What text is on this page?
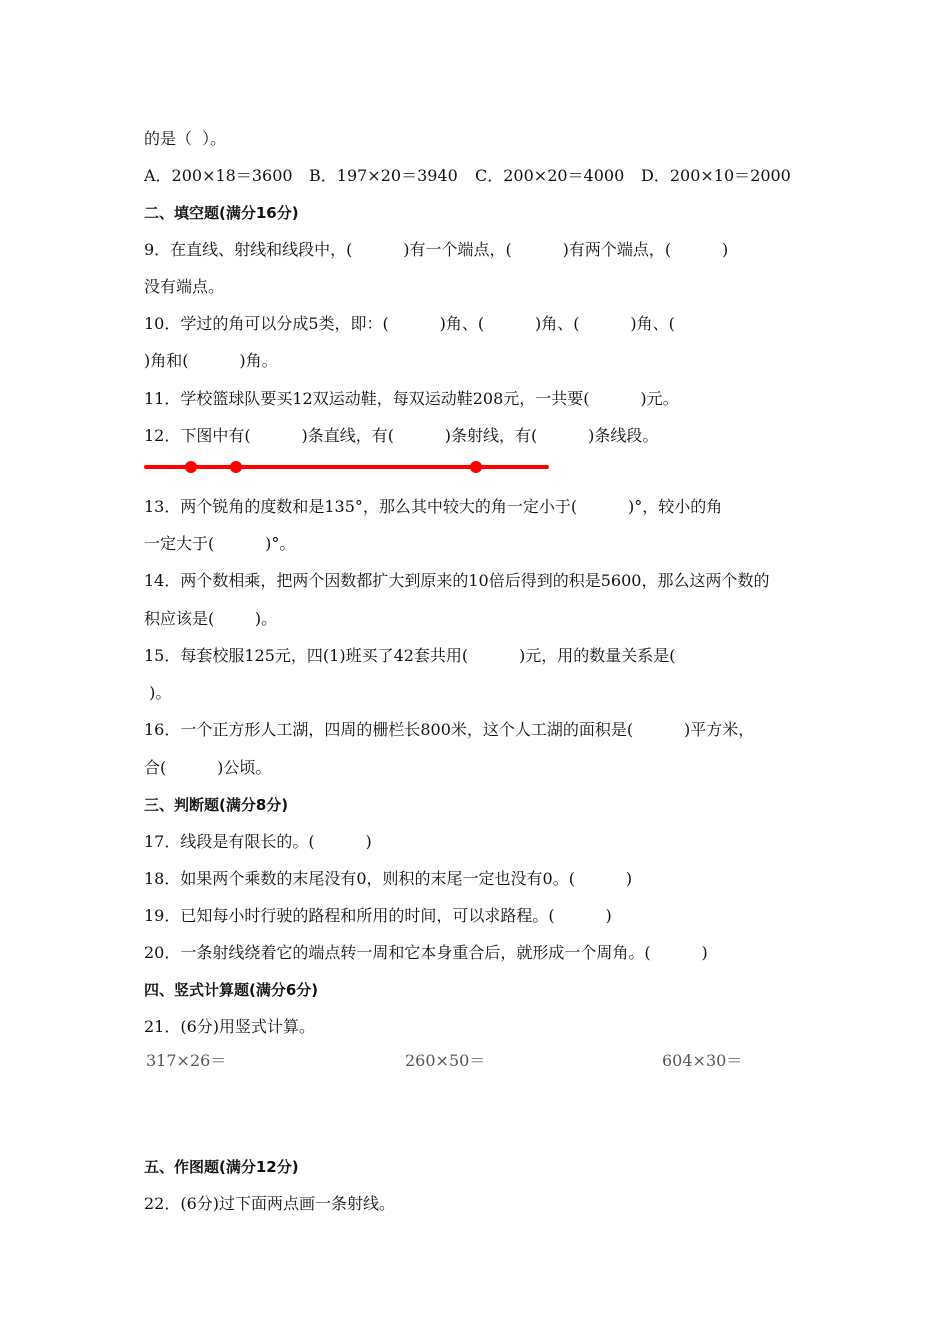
的是（  ）。
A．200×18＝3600 B．197×20＝3940 C．200×20＝4000 D．200×10＝2000
二、填空题(满分16分)
9．在直线、射线和线段中，(          )有一个端点，(          )有两个端点，(          )
没有端点。
10．学过的角可以分成5类，即：(          )角、(          )角、(          )角、(
)角和(          )角。
11．学校篮球队要买12双运动鞋，每双运动鞋208元，一共要(          )元。
12．下图中有(          )条直线，有(          )条射线，有(          )条线段。
13．两个锐角的度数和是135°，那么其中较大的角一定小于(          )°，较小的角
一定大于(          )°。
14．两个数相乘，把两个因数都扩大到原来的10倍后得到的积是5600，那么这两个数的
积应该是(        )。
15．每套校服125元，四(1)班买了42套共用(          )元，用的数量关系是(
)。
16．一个正方形人工湖，四周的栅栏长800米，这个人工湖的面积是(          )平方米，
合(          )公顷。
三、判断题(满分8分)
17．线段是有限长的。(          )
18．如果两个乘数的末尾没有0，则积的末尾一定也没有0。(          )
19．已知每小时行驶的路程和所用的时间，可以求路程。(          )
20．一条射线绕着它的端点转一周和它本身重合后，就形成一个周角。(          )
四、竖式计算题(满分6分)
21．(6分)用竖式计算。
317×26＝	260×50＝	604×30＝
五、作图题(满分12分)
22．(6分)过下面两点画一条射线。
